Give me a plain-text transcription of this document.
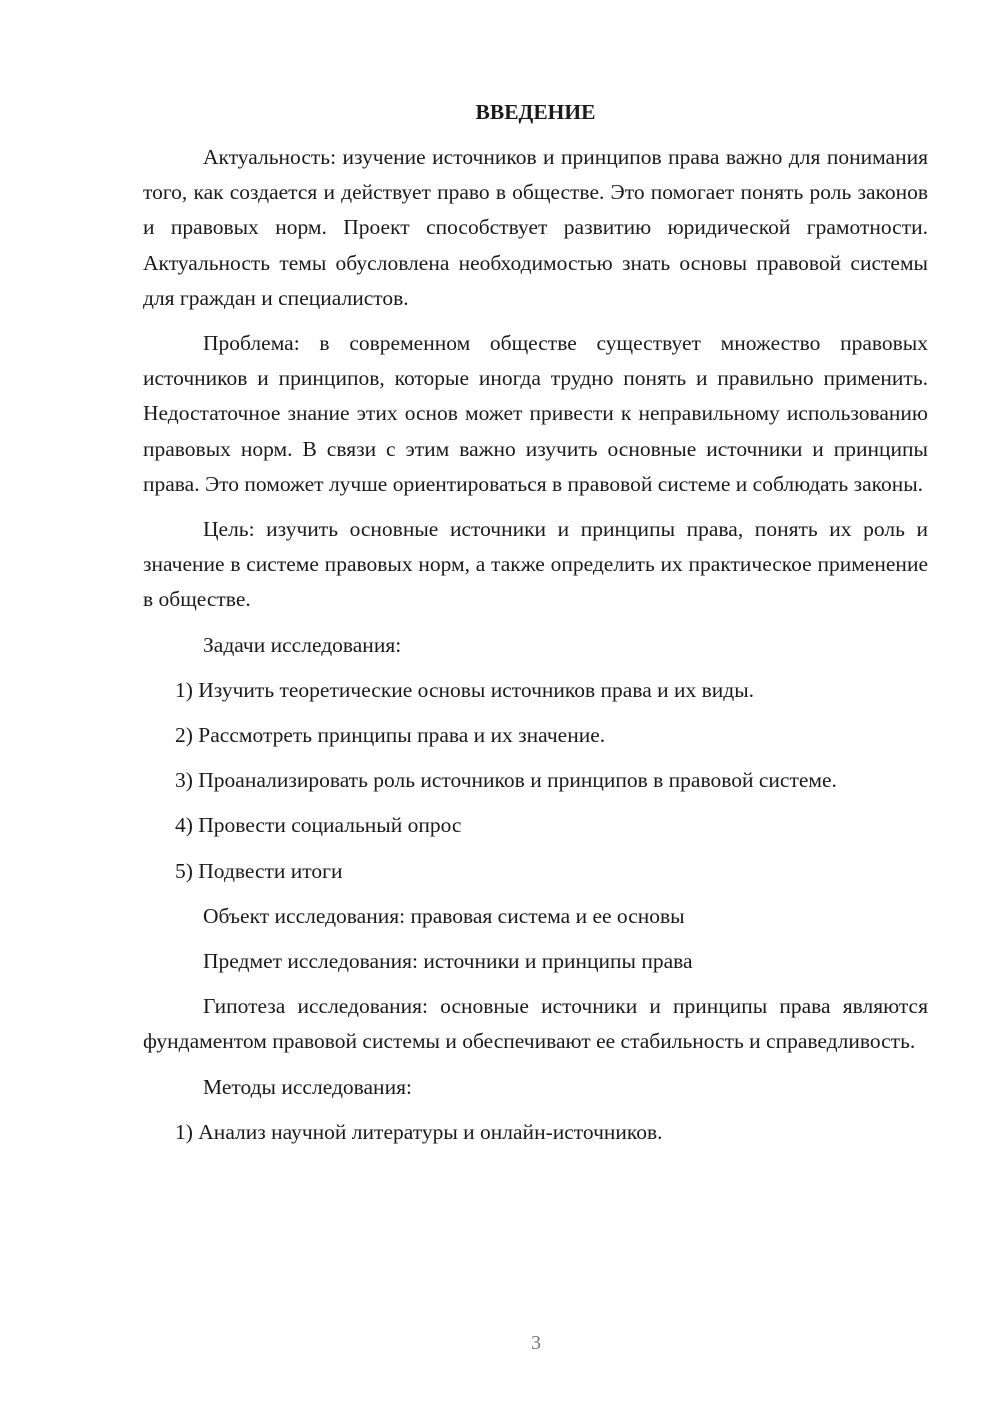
ВВЕДЕНИЕ

Актуальность: изучение источников и принципов права важно для понимания того, как создается и действует право в обществе. Это помогает понять роль законов и правовых норм. Проект способствует развитию юридической грамотности. Актуальность темы обусловлена необходимостью знать основы правовой системы для граждан и специалистов.

Проблема: в современном обществе существует множество правовых источников и принципов, которые иногда трудно понять и правильно применить. Недостаточное знание этих основ может привести к неправильному использованию правовых норм. В связи с этим важно изучить основные источники и принципы права. Это поможет лучше ориентироваться в правовой системе и соблюдать законы.

Цель: изучить основные источники и принципы права, понять их роль и значение в системе правовых норм, а также определить их практическое применение в обществе.

Задачи исследования:

1) Изучить теоретические основы источников права и их виды.

2) Рассмотреть принципы права и их значение.

3) Проанализировать роль источников и принципов в правовой системе.

4) Провести социальный опрос

5) Подвести итоги

Объект исследования: правовая система и ее основы

Предмет исследования: источники и принципы права

Гипотеза исследования: основные источники и принципы права являются фундаментом правовой системы и обеспечивают ее стабильность и справедливость.

Методы исследования:

1) Анализ научной литературы и онлайн-источников.

3
